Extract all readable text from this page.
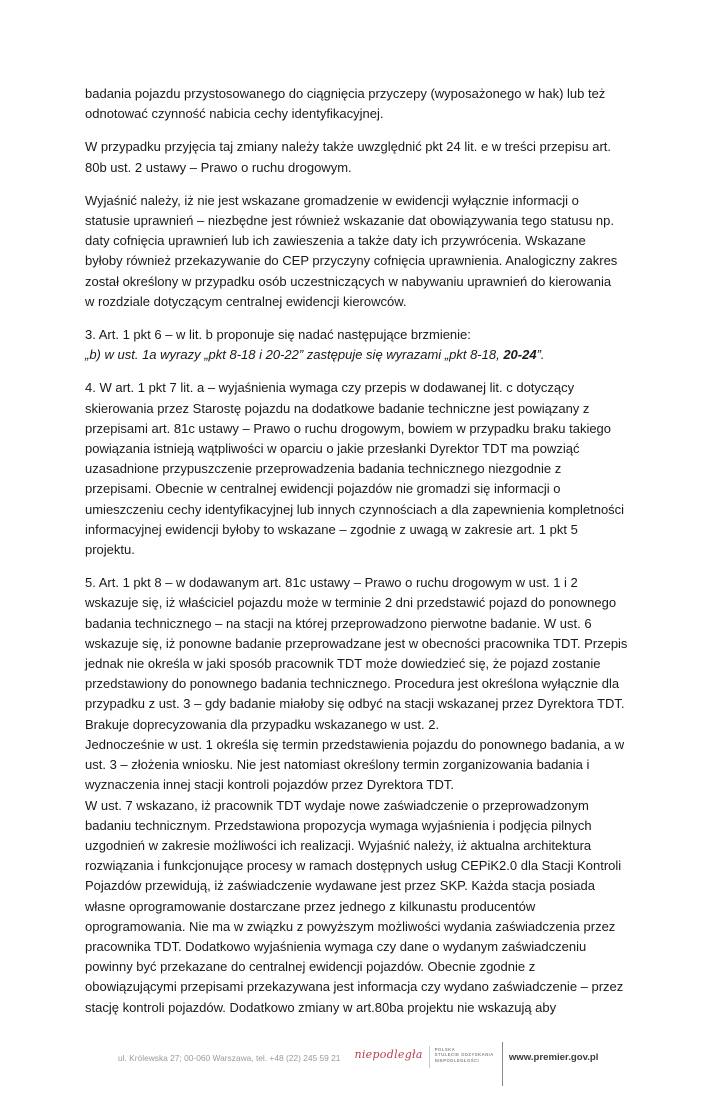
badania pojazdu przystosowanego do ciągnięcia przyczepy (wyposażonego w hak) lub też
odnotować czynność nabicia cechy identyfikacyjnej.
W przypadku przyjęcia taj zmiany należy także uwzględnić pkt 24 lit. e w treści przepisu art.
80b ust. 2 ustawy – Prawo o ruchu drogowym.
Wyjaśnić należy, iż nie jest wskazane gromadzenie w ewidencji wyłącznie informacji o
statusie uprawnień – niezbędne jest również wskazanie dat obowiązywania tego statusu np.
daty cofnięcia uprawnień lub ich zawieszenia a także daty ich przywrócenia. Wskazane
byłoby również przekazywanie do CEP przyczyny cofnięcia uprawnienia. Analogiczny zakres
został określony w przypadku osób uczestniczących w nabywaniu uprawnień do kierowania
w rozdziale dotyczącym centralnej ewidencji kierowców.
3. Art. 1 pkt 6 – w lit. b proponuje się nadać następujące brzmienie:
„b) w ust. 1a wyrazy „pkt 8-18 i 20-22” zastępuje się wyrazami „pkt 8-18, 20-24”.
4. W art. 1 pkt 7 lit. a – wyjaśnienia wymaga czy przepis w dodawanej lit. c dotyczący
skierowania przez Starostę pojazdu na dodatkowe badanie techniczne jest powiązany z
przepisami art. 81c ustawy – Prawo o ruchu drogowym, bowiem w przypadku braku takiego
powiązania istnieją wątpliwości w oparciu o jakie przesłanki Dyrektor TDT ma powziąć
uzasadnione przypuszczenie przeprowadzenia badania technicznego niezgodnie z
przepisami. Obecnie w centralnej ewidencji pojazdów nie gromadzi się informacji o
umieszczeniu cechy identyfikacyjnej lub innych czynnościach a dla zapewnienia kompletności
informacyjnej ewidencji byłoby to wskazane – zgodnie z uwagą w zakresie art. 1 pkt 5
projektu.
5. Art. 1 pkt 8 – w dodawanym art. 81c ustawy – Prawo o ruchu drogowym w ust. 1 i 2
wskazuje się, iż właściciel pojazdu może w terminie 2 dni przedstawić pojazd do ponownego
badania technicznego – na stacji na której przeprowadzono pierwotne badanie. W ust. 6
wskazuje się, iż ponowne badanie przeprowadzane jest w obecności pracownika TDT. Przepis
jednak nie określa w jaki sposób pracownik TDT może dowiedzieć się, że pojazd zostanie
przedstawiony do ponownego badania technicznego. Procedura jest określona wyłącznie dla
przypadku z ust. 3 – gdy badanie miałoby się odbyć na stacji wskazanej przez Dyrektora TDT.
Brakuje doprecyzowania dla przypadku wskazanego w ust. 2.
Jednocześnie w ust. 1 określa się termin przedstawienia pojazdu do ponownego badania, a w
ust. 3 – złożenia wniosku. Nie jest natomiast określony termin zorganizowania badania i
wyznaczenia innej stacji kontroli pojazdów przez Dyrektora TDT.
W ust. 7 wskazano, iż pracownik TDT wydaje nowe zaświadczenie o przeprowadzonym
badaniu technicznym. Przedstawiona propozycja wymaga wyjaśnienia i podjęcia pilnych
uzgodnień w zakresie możliwości ich realizacji. Wyjaśnić należy, iż aktualna architektura
rozwiązania i funkcjonujące procesy w ramach dostępnych usług CEPiK2.0 dla Stacji Kontroli
Pojazdów przewidują, iż zaświadczenie wydawane jest przez SKP. Każda stacja posiada
własne oprogramowanie dostarczane przez jednego z kilkunastu producentów
oprogramowania. Nie ma w związku z powyższym możliwości wydania zaświadczenia przez
pracownika TDT. Dodatkowo wyjaśnienia wymaga czy dane o wydanym zaświadczeniu
powinny być przekazane do centralnej ewidencji pojazdów. Obecnie zgodnie z
obowiązującymi przepisami przekazywana jest informacja czy wydano zaświadczenie – przez
stację kontroli pojazdów. Dodatkowo zmiany w art.80ba projektu nie wskazują aby
ul. Królewska 27; 00-060 Warszawa, tel. +48 (22) 245 59 21 niepodległa	POLSKA
STULECIE ODZYSKANIA
NIEPODLEGŁOŚCI	www.premier.gov.pl
